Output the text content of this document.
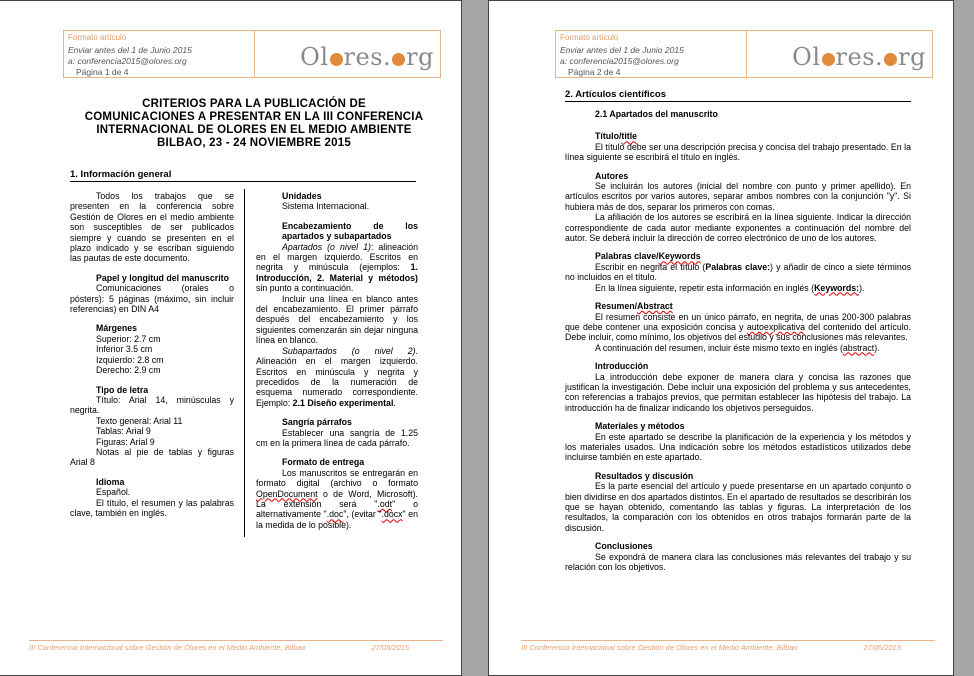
Formato artículo
Enviar antes del 1 de Junio 2015
a: conferencia2015@olores.org
Página 1 de 4
Ol res. rg
CRITERIOS PARA LA PUBLICACIÓN DE
COMUNICACIONES A PRESENTAR EN LA III CONFERENCIA
INTERNACIONAL DE OLORES EN EL MEDIO AMBIENTE
BILBAO, 23 - 24 NOVIEMBRE 2015
1. Información general

Todos los trabajos que se presenten en la conferencia sobre Gestión de Olores en el medio ambiente son susceptibles de ser publicados siempre y cuando se presenten en el plazo indicado y se escriban siguiendo las pautas de este documento.

Papel y longitud del manuscrito

Comunicaciones (orales o pósters): 5 páginas (máximo, sin incluir referencias) en DIN A4

Márgenes

Superior: 2.7 cm

Inferior 3.5 cm

Izquierdo: 2.8 cm

Derecho: 2.9 cm

Tipo de letra

Título: Arial 14, minúsculas y negrita.

Texto general: Arial 11

Tablas: Arial 9

Figuras: Arial 9

Notas al pie de tablas y figuras Arial 8

Idioma

Español.

El título, el resumen y las palabras clave, también en inglés.

Unidades

Sistema Internacional.

Encabezamiento de los apartados y subapartados

Apartados (o nivel 1): alineación en el margen izquierdo. Escritos en negrita y minúscula (ejemplos: 1. Introducción, 2. Material y métodos) sin punto a continuación.

Incluir una línea en blanco antes del encabezamiento. El primer párrafo después del encabezamiento y los siguientes comenzarán sin dejar ninguna línea en blanco.

Subapartados (o nivel 2). Alineación en el margen izquierdo. Escritos en minúscula y negrita y precedidos de la numeración de esquema numerado correspondiente. Ejemplo: 2.1 Diseño experimental.

Sangría párrafos

Establecer una sangría de 1.25 cm en la primera línea de cada párrafo.

Formato de entrega

Los manuscritos se entregarán en formato digital (archivo o formato OpenDocument o de Word, Microsoft). La extensión será ".odt" o alternativamente ".doc", (evitar ".docx" en la medida de lo posible).

III Conferencia Internacional sobre Gestión de Olores en el Medio Ambiente, Bilbao	27/05/2015
Formato artículo
Enviar antes del 1 de Junio 2015
a: conferencia2015@olores.org
Página 2 de 4
Ol res. rg
2. Artículos científicos

2.1 Apartados del manuscrito

Título/title

El título debe ser una descripción precisa y concisa del trabajo presentado. En la línea siguiente se escribirá el título en inglés.

Autores

Se incluirán los autores (inicial del nombre con punto y primer apellido). En artículos escritos por varios autores, separar ambos nombres con la conjunción "y". Si hubiera más de dos, separar los primeros con comas.

La afiliación de los autores se escribirá en la línea siguiente. Indicar la dirección correspondiente de cada autor mediante exponentes a continuación del nombre del autor. Se deberá incluir la dirección de correo electrónico de uno de los autores.

Palabras clave/Keywords

Escribir en negrita el título (Palabras clave:) y añadir de cinco a siete términos no incluidos en el título.

En la línea siguiente, repetir esta información en inglés (Keywords:).

Resumen/Abstract

El resumen consiste en un único párrafo, en negrita, de unas 200-300 palabras que debe contener una exposición concisa y autoexplicativa del contenido del artículo. Debe incluir, como mínimo, los objetivos del estudio y sus conclusiones más relevantes.

A continuación del resumen, incluir éste mismo texto en inglés (abstract).

Introducción

La introducción debe exponer de manera clara y concisa las razones que justifican la investigación. Debe incluir una exposición del problema y sus antecedentes, con referencias a trabajos previos, que permitan establecer las hipótesis del trabajo. La introducción ha de finalizar indicando los objetivos perseguidos.

Materiales y métodos

En este apartado se describe la planificación de la experiencia y los métodos y los materiales usados. Una indicación sobre los métodos estadísticos utilizados debe incluirse también en este apartado.

Resultados y discusión

Es la parte esencial del artículo y puede presentarse en un apartado conjunto o bien dividirse en dos apartados distintos. En el apartado de resultados se describirán los que se hayan obtenido, comentando las tablas y figuras. La interpretación de los resultados, la comparación con los obtenidos en otros trabajos formarán parte de la discusión.

Conclusiones

Se expondrá de manera clara las conclusiones más relevantes del trabajo y su relación con los objetivos.

III Conferencia Internacional sobre Gestión de Olores en el Medio Ambiente, Bilbao	27/05/2015
